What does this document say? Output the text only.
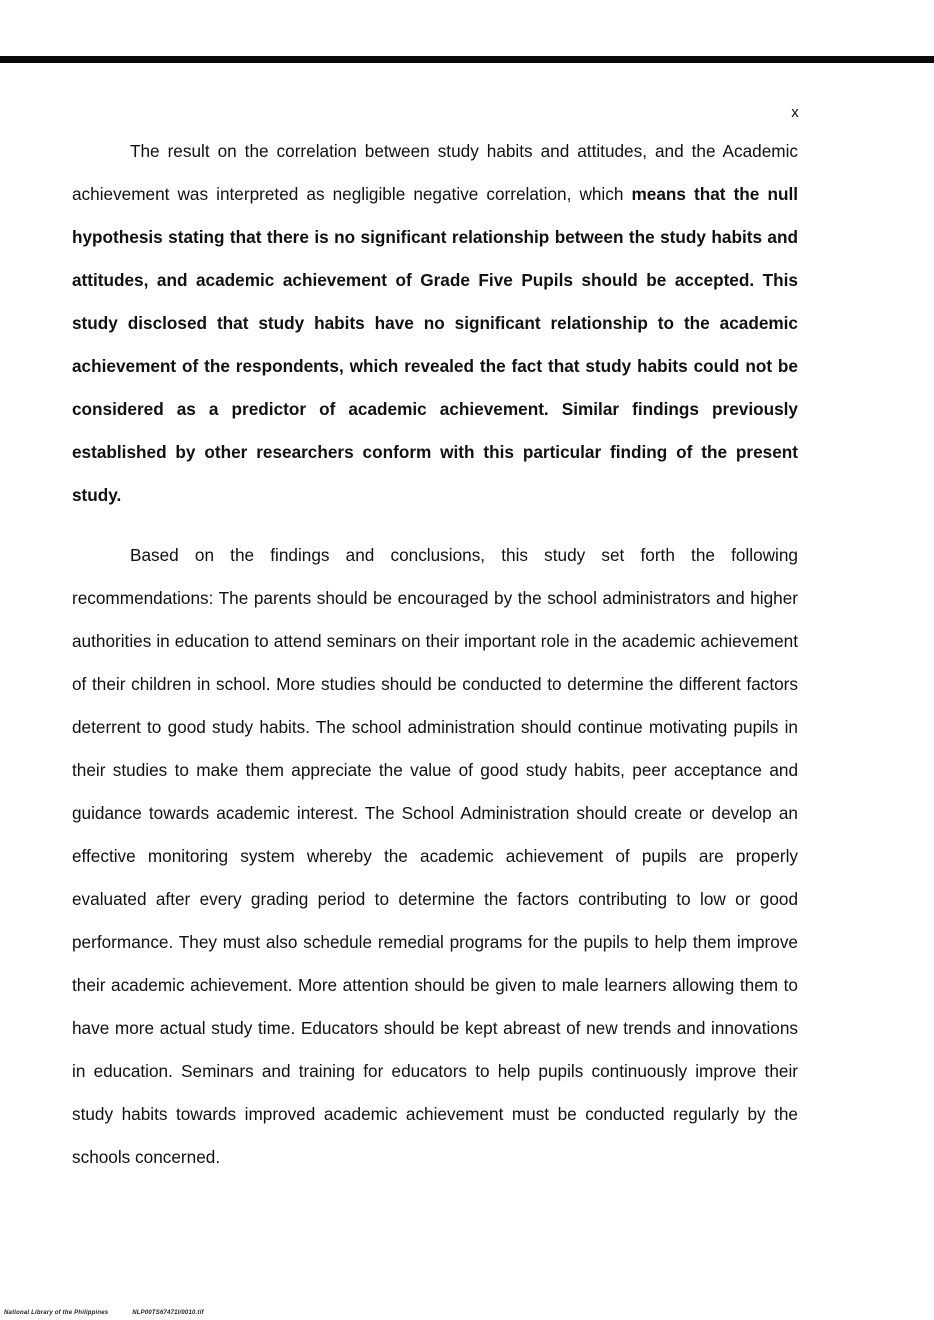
x

The result on the correlation between study habits and attitudes, and the Academic achievement was interpreted as negligible negative correlation, which means that the null hypothesis stating that there is no significant relationship between the study habits and attitudes, and academic achievement of Grade Five Pupils should be accepted. This study disclosed that study habits have no significant relationship to the academic achievement of the respondents, which revealed the fact that study habits could not be considered as a predictor of academic achievement. Similar findings previously established by other researchers conform with this particular finding of the present study.

Based on the findings and conclusions, this study set forth the following recommendations: The parents should be encouraged by the school administrators and higher authorities in education to attend seminars on their important role in the academic achievement of their children in school. More studies should be conducted to determine the different factors deterrent to good study habits. The school administration should continue motivating pupils in their studies to make them appreciate the value of good study habits, peer acceptance and guidance towards academic interest. The School Administration should create or develop an effective monitoring system whereby the academic achievement of pupils are properly evaluated after every grading period to determine the factors contributing to low or good performance. They must also schedule remedial programs for the pupils to help them improve their academic achievement. More attention should be given to male learners allowing them to have more actual study time. Educators should be kept abreast of new trends and innovations in education. Seminars and training for educators to help pupils continuously improve their study habits towards improved academic achievement must be conducted regularly by the schools concerned.

National Library of the Philippines	NLP00TS67471I/0010.tif
